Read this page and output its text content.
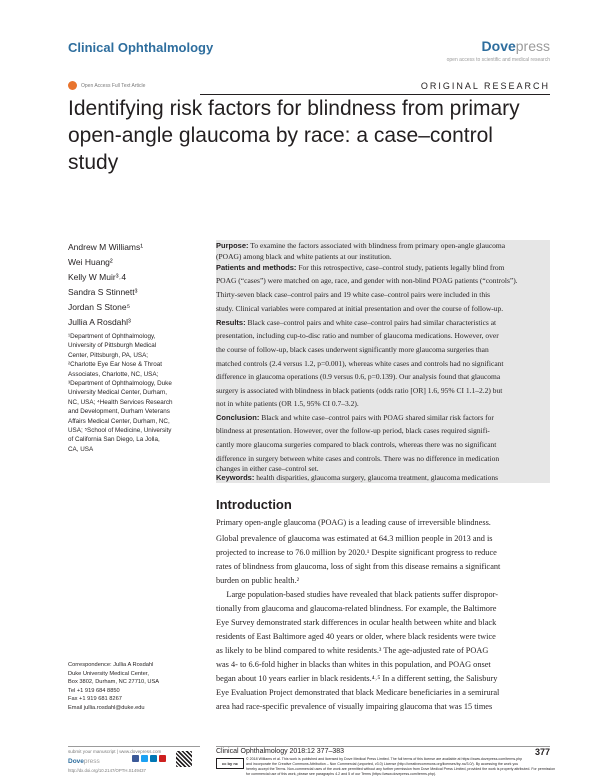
Clinical Ophthalmology	Dovepress
open access to scientific and medical research
Open Access Full Text Article	ORIGINAL RESEARCH
Identifying risk factors for blindness from primary
open-angle glaucoma by race: a case–control
study
Andrew M Williams¹
Wei Huang²
Kelly W Muir³˒4
Sandra S Stinnett³
Jordan S Stone⁵
Jullia A Rosdahl³
¹Department of Ophthalmology,
University of Pittsburgh Medical
Center, Pittsburgh, PA, USA;
²Charlotte Eye Ear Nose & Throat
Associates, Charlotte, NC, USA;
³Department of Ophthalmology, Duke
University Medical Center, Durham,
NC, USA; ⁴Health Services Research
and Development, Durham Veterans
Affairs Medical Center, Durham, NC,
USA; ⁵School of Medicine, University
of California San Diego, La Jolla,
CA, USA
Purpose: To examine the factors associated with blindness from primary open-angle glaucoma
(POAG) among black and white patients at our institution.
Patients and methods: For this retrospective, case–control study, patients legally blind from
POAG (“cases”) were matched on age, race, and gender with non-blind POAG patients (“controls”).
Thirty-seven black case–control pairs and 19 white case–control pairs were included in this
study. Clinical variables were compared at initial presentation and over the course of follow-up.
Results: Black case–control pairs and white case–control pairs had similar characteristics at
presentation, including cup-to-disc ratio and number of glaucoma medications. However, over
the course of follow-up, black cases underwent significantly more glaucoma surgeries than
matched controls (2.4 versus 1.2, p=0.001), whereas white cases and controls had no significant
difference in glaucoma operations (0.9 versus 0.6, p=0.139). Our analysis found that glaucoma
surgery is associated with blindness in black patients (odds ratio [OR] 1.6, 95% CI 1.1–2.2) but
not in white patients (OR 1.5, 95% CI 0.7–3.2).
Conclusion: Black and white case–control pairs with POAG shared similar risk factors for
blindness at presentation. However, over the follow-up period, black cases required signifi-
cantly more glaucoma surgeries compared to black controls, whereas there was no significant
difference in surgery between white cases and controls. There was no difference in medication
changes in either case–control set.
Keywords: health disparities, glaucoma surgery, glaucoma treatment, glaucoma medications
Introduction
Primary open-angle glaucoma (POAG) is a leading cause of irreversible blindness.
Global prevalence of glaucoma was estimated at 64.3 million people in 2013 and is
projected to increase to 76.0 million by 2020.¹ Despite significant progress to reduce
rates of blindness from glaucoma, loss of sight from this disease remains a significant
burden on public health.²
Large population-based studies have revealed that black patients suffer dispropor-
tionally from glaucoma and glaucoma-related blindness. For example, the Baltimore
Eye Survey demonstrated stark differences in ocular health between white and black
residents of East Baltimore aged 40 years or older, where black residents were twice
as likely to be blind compared to white residents.³ The age-adjusted rate of POAG
was 4- to 6.6-fold higher in blacks than whites in this population, and POAG onset
began about 10 years earlier in black residents.⁴˒⁵ In a different setting, the Salisbury
Eye Evaluation Project demonstrated that black Medicare beneficiaries in a semirural
area had race-specific prevalence of visually impairing glaucoma that was 15 times
Correspondence: Jullia A Rosdahl
Duke University Medical Center,
Box 3802, Durham, NC 27710, USA
Tel +1 919 684 8850
Fax +1 919 681 8267
Email jullia.rosdahl@duke.edu
submit your manuscript | www.dovepress.com
Dovepress
http://dx.doi.org/10.2147/OPTH.S149437
Clinical Ophthalmology 2018:12 377–383	377
cc by nc
© 2018 Williams et al. This work is published and licensed by Dove Medical Press Limited. The full terms of this license are available at https://www.dovepress.com/terms.php
and incorporate the Creative Commons Attribution – Non Commercial (unported, v3.0) License (http://creativecommons.org/licenses/by-nc/3.0/). By accessing the work you
hereby accept the Terms. Non-commercial uses of the work are permitted without any further permission from Dove Medical Press Limited, provided the work is properly attributed. For permission
for commercial use of this work, please see paragraphs 4.2 and 5 of our Terms (https://www.dovepress.com/terms.php).
